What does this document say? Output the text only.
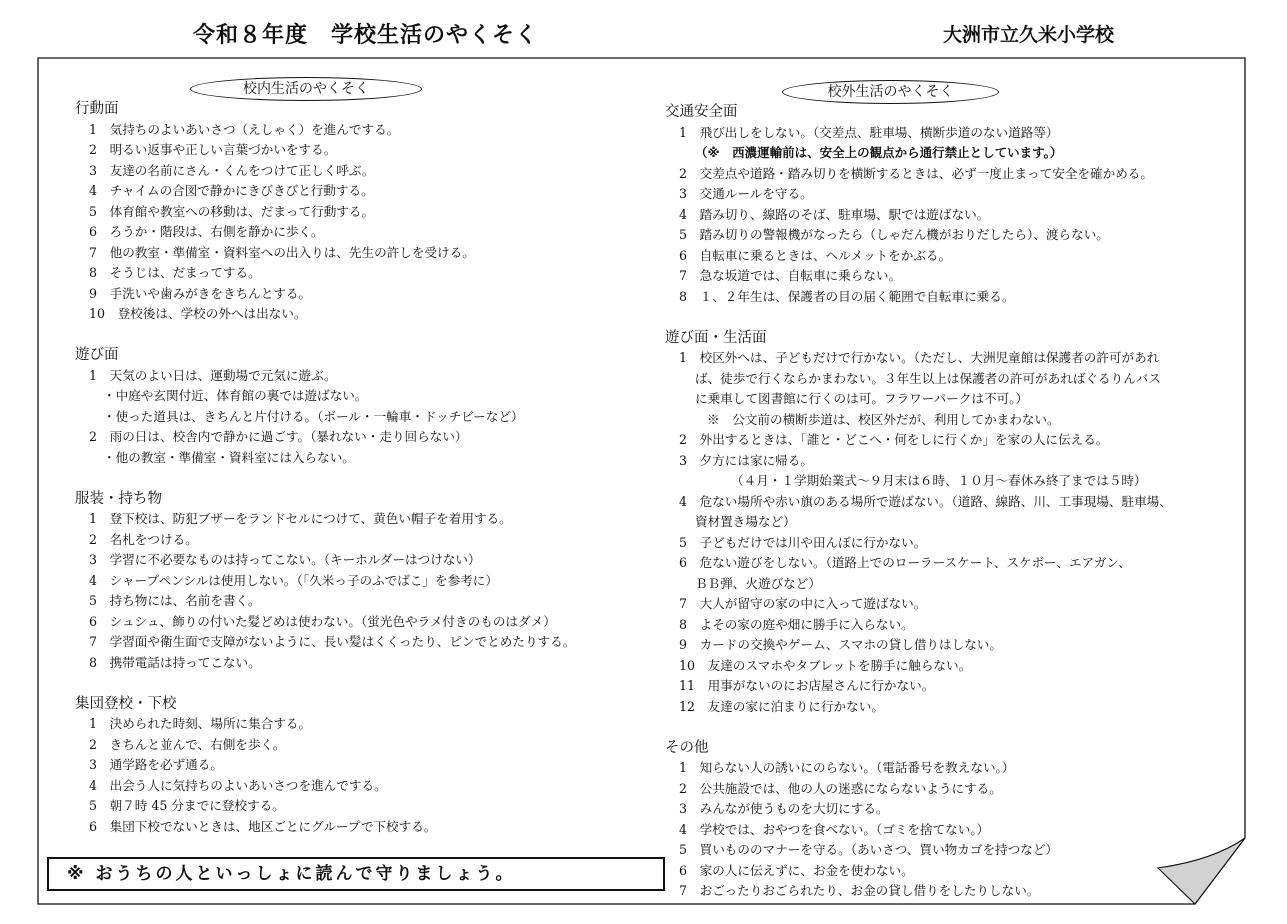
令和８年度　学校生活のやくそく	大洲市立久米小学校
校内生活のやくそく	校外生活のやくそく
行動面
1　気持ちのよいあいさつ（えしゃく）を進んでする。
2　明るい返事や正しい言葉づかいをする。
3　友達の名前にさん・くんをつけて正しく呼ぶ。
4　チャイムの合図で静かにきびきびと行動する。
5　体育館や教室への移動は、だまって行動する。
6　ろうか・階段は、右側を静かに歩く。
7　他の教室・準備室・資料室への出入りは、先生の許しを受ける。
8　そうじは、だまってする。
9　手洗いや歯みがきをきちんとする。
10　登校後は、学校の外へは出ない。
遊び面
1　天気のよい日は、運動場で元気に遊ぶ。
・中庭や玄関付近、体育館の裏では遊ばない。
・使った道具は、きちんと片付ける。（ボール・一輪車・ドッチビーなど）
2　雨の日は、校舎内で静かに過ごす。（暴れない・走り回らない）
・他の教室・準備室・資料室には入らない。
服装・持ち物
1　登下校は、防犯ブザーをランドセルにつけて、黄色い帽子を着用する。
2　名札をつける。
3　学習に不必要なものは持ってこない。（キーホルダーはつけない）
4　シャープペンシルは使用しない。（「久米っ子のふでばこ」を参考に）
5　持ち物には、名前を書く。
6　シュシュ、飾りの付いた髪どめは使わない。（蛍光色やラメ付きのものはダメ）
7　学習面や衛生面で支障がないように、長い髪はくくったり、ピンでとめたりする。
8　携帯電話は持ってこない。
集団登校・下校
1　決められた時刻、場所に集合する。
2　きちんと並んで、右側を歩く。
3　通学路を必ず通る。
4　出会う人に気持ちのよいあいさつを進んでする。
5　朝７時 45 分までに登校する。
6　集団下校でないときは、地区ごとにグループで下校する。
交通安全面
1　飛び出しをしない。（交差点、駐車場、横断歩道のない道路等）
（※　西濃運輸前は、安全上の観点から通行禁止としています。）
2　交差点や道路・踏み切りを横断するときは、必ず一度止まって安全を確かめる。
3　交通ルールを守る。
4　踏み切り、線路のそば、駐車場、駅では遊ばない。
5　踏み切りの警報機がなったら（しゃだん機がおりだしたら）、渡らない。
6　自転車に乗るときは、ヘルメットをかぶる。
7　急な坂道では、自転車に乗らない。
8　１、２年生は、保護者の目の届く範囲で自転車に乗る。
遊び面・生活面
1　校区外へは、子どもだけで行かない。（ただし、大洲児童館は保護者の許可があれ
ば、徒歩で行くならかまわない。３年生以上は保護者の許可があればぐるりんバス
に乗車して図書館に行くのは可。フラワーパークは不可。）
※　公文前の横断歩道は、校区外だが、利用してかまわない。
2　外出するときは、「誰と・どこへ・何をしに行くか」を家の人に伝える。
3　夕方には家に帰る。
（４月・１学期始業式～９月末は６時、１０月～春休み終了までは５時）
4　危ない場所や赤い旗のある場所で遊ばない。（道路、線路、川、工事現場、駐車場、
資材置き場など）
5　子どもだけでは川や田んぼに行かない。
6　危ない遊びをしない。（道路上でのローラースケート、スケボー、エアガン、
ＢＢ弾、火遊びなど）
7　大人が留守の家の中に入って遊ばない。
8　よその家の庭や畑に勝手に入らない。
9　カードの交換やゲーム、スマホの貸し借りはしない。
10　友達のスマホやタブレットを勝手に触らない。
11　用事がないのにお店屋さんに行かない。
12　友達の家に泊まりに行かない。
その他
1　知らない人の誘いにのらない。（電話番号を教えない。）
2　公共施設では、他の人の迷惑にならないようにする。
3　みんなが使うものを大切にする。
4　学校では、おやつを食べない。（ゴミを捨てない。）
5　買いもののマナーを守る。（あいさつ、買い物カゴを持つなど）
6　家の人に伝えずに、お金を使わない。
7　おごったりおごられたり、お金の貸し借りをしたりしない。
※ おうちの人といっしょに読んで守りましょう。
